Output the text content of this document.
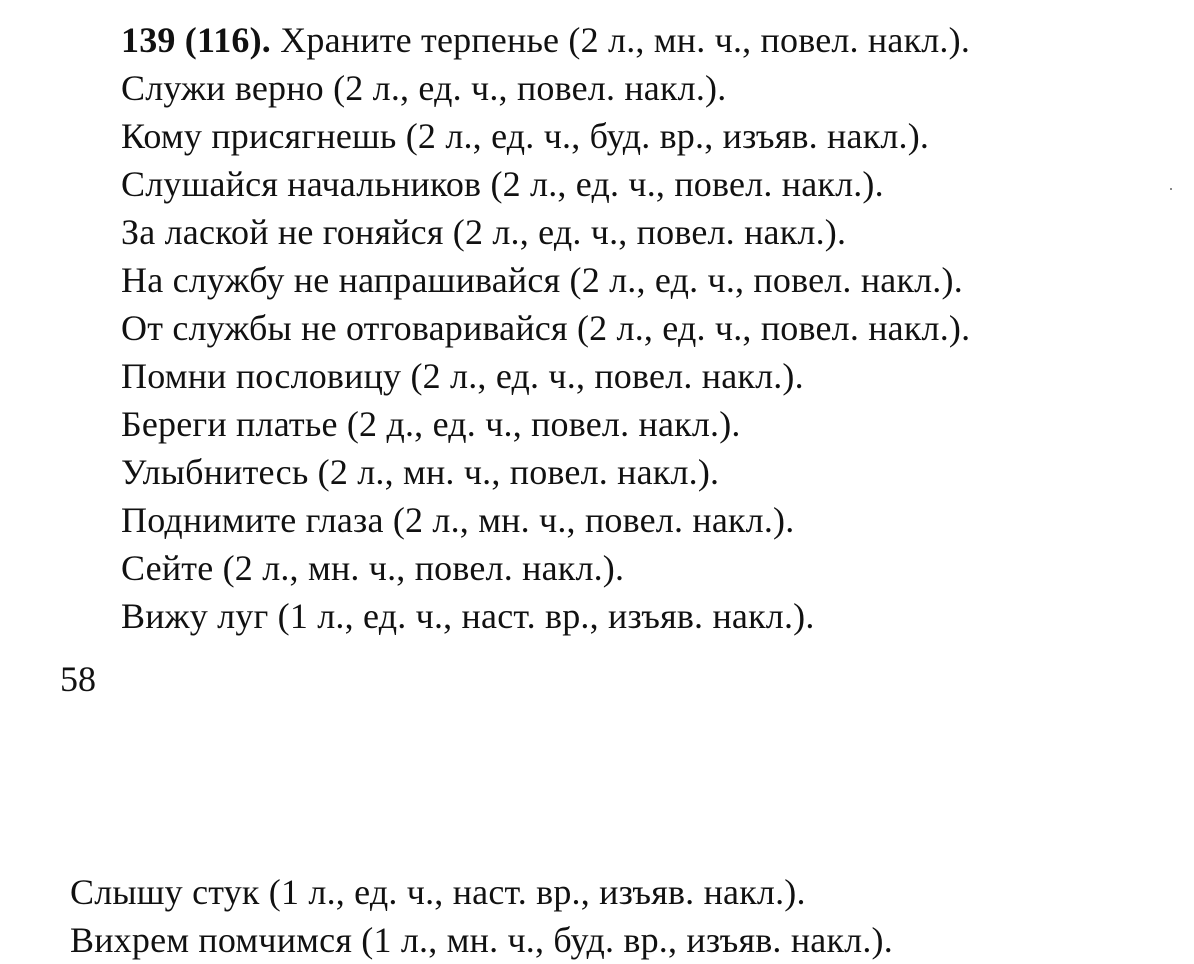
139 (116). Храните терпенье (2 л., мн. ч., повел. накл.).
Служи верно (2 л., ед. ч., повел. накл.).
Кому присягнешь (2 л., ед. ч., буд. вр., изъяв. накл.).
Слушайся начальников (2 л., ед. ч., повел. накл.).
За лаской не гоняйся (2 л., ед. ч., повел. накл.).
На службу не напрашивайся (2 л., ед. ч., повел. накл.).
От службы не отговаривайся (2 л., ед. ч., повел. накл.).
Помни пословицу (2 л., ед. ч., повел. накл.).
Береги платье (2 д., ед. ч., повел. накл.).
Улыбнитесь (2 л., мн. ч., повел. накл.).
Поднимите глаза (2 л., мн. ч., повел. накл.).
Сейте (2 л., мн. ч., повел. накл.).
Вижу луг (1 л., ед. ч., наст. вр., изъяв. накл.).
58
Слышу стук (1 л., ед. ч., наст. вр., изъяв. накл.).
Вихрем помчимся (1 л., мн. ч., буд. вр., изъяв. накл.).
